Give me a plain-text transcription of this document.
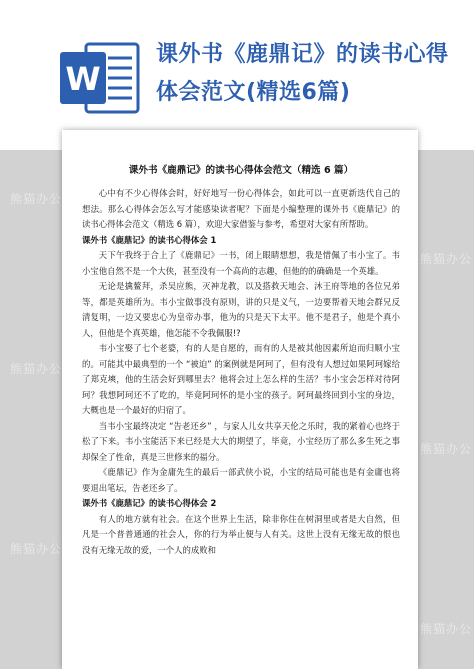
W
课外书《鹿鼎记》的读书心得
体会范文(精选6篇)
熊猫办公
熊猫办公
熊猫办公
熊猫办公
熊猫办公
熊猫办公
课外书《鹿鼎记》的读书心得体会范文（精选 6 篇）

心中有不少心得体会时，好好地写一份心得体会，如此可以一直更新迭代自己的想法。那么心得体会怎么写才能感染读者呢？下面是小编整理的课外书《鹿鼎记》的读书心得体会范文（精选 6 篇），欢迎大家借鉴与参考，希望对大家有所帮助。

课外书《鹿鼎记》的读书心得体会 1

天下午我终于合上了《鹿鼎记》一书，闭上眼睛想想，我是惜佩了韦小宝了。韦小宝他自然不是一个大侠，甚至没有一个高尚的志趣，但他的的确确是一个英雄。

无论是擒鳌拜，杀吴应熊，灭神龙教，以及搭救天地会、沐王府等地的各位兄弟等，都是英雄所为。韦小宝做事没有原则，讲的只是义气，一边要帮着天地会群兄反清复明，一边又要忠心为皇帝办事，他为的只是天下太平。他不是君子，他是个真小人，但他是个真英雄，他怎能不令我佩服!?

韦小宝娶了七个老婆，有的人是自愿的，而有的人是被其他因素所迫而归顺小宝的。可能其中最典型的一个 “被迫” 的案例就是阿珂了，但有没有人想过如果阿珂嫁给了郑克塽，他的生活会好到哪里去？他将会过上怎么样的生活？韦小宝会怎样对待阿珂？我想阿珂还不了吃的，毕竟阿珂怀的是小宝的孩子。阿珂最终回到小宝的身边，大概也是一个最好的归宿了。

当韦小宝最终决定 “告老还乡” ，与家人儿女共享天伦之乐时，我的紧着心也终于松了下来。韦小宝能活下来已经是大大的期望了，毕竟，小宝经历了那么多生死之事却保全了性命，真是三世修来的福分。

《鹿鼎记》作为金庸先生的最后一部武侠小说，小宝的结局可能也是有金庸也将要退出笔坛，告老还乡了。

课外书《鹿鼎记》的读书心得体会 2

有人的地方就有社会。在这个世界上生活，除非你住在树洞里或者是大自然，但凡是一个普普通通的社会人，你的行为举止便与人有关。这世上没有无缘无故的恨也没有无缘无故的爱，一个人的成败和
